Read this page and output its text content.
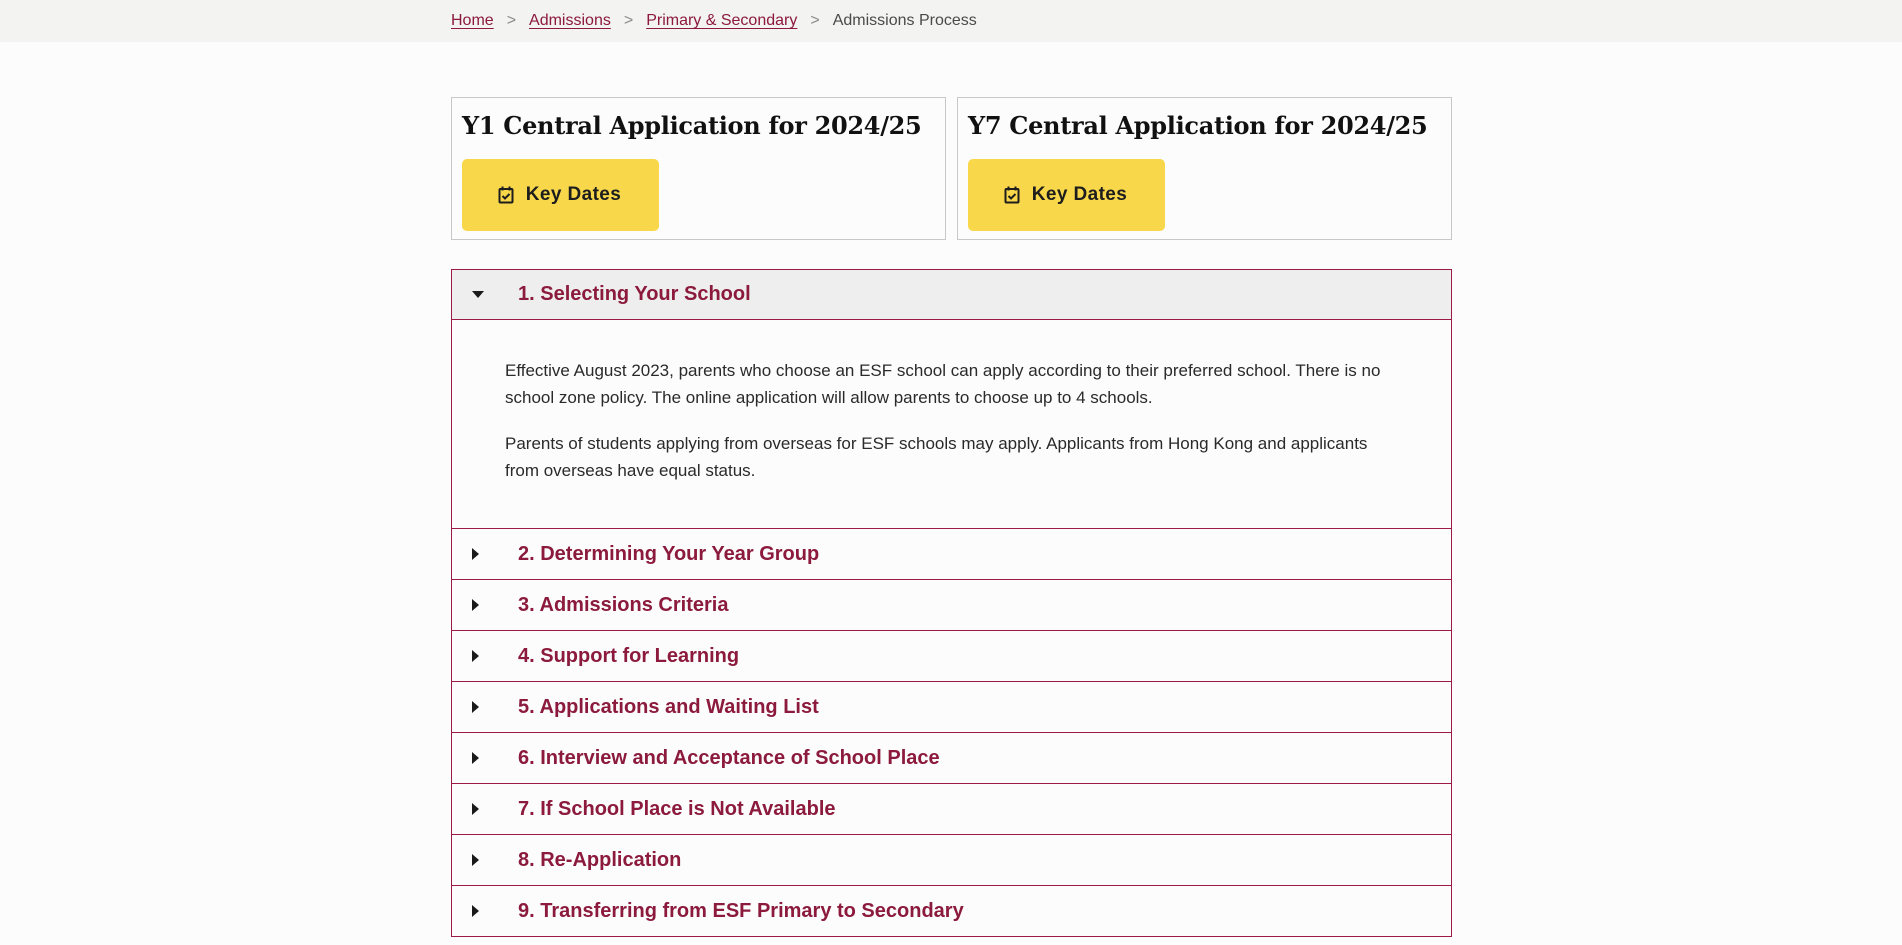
Home > Admissions > Primary & Secondary > Admissions Process
Y1 Central Application for 2024/25
Key Dates
Y7 Central Application for 2024/25
Key Dates
1. Selecting Your School

Effective August 2023, parents who choose an ESF school can apply according to their preferred school. There is no school zone policy. The online application will allow parents to choose up to 4 schools.

Parents of students applying from overseas for ESF schools may apply. Applicants from Hong Kong and applicants from overseas have equal status.

2. Determining Your Year Group
3. Admissions Criteria
4. Support for Learning
5. Applications and Waiting List
6. Interview and Acceptance of School Place
7. If School Place is Not Available
8. Re-Application
9. Transferring from ESF Primary to Secondary
